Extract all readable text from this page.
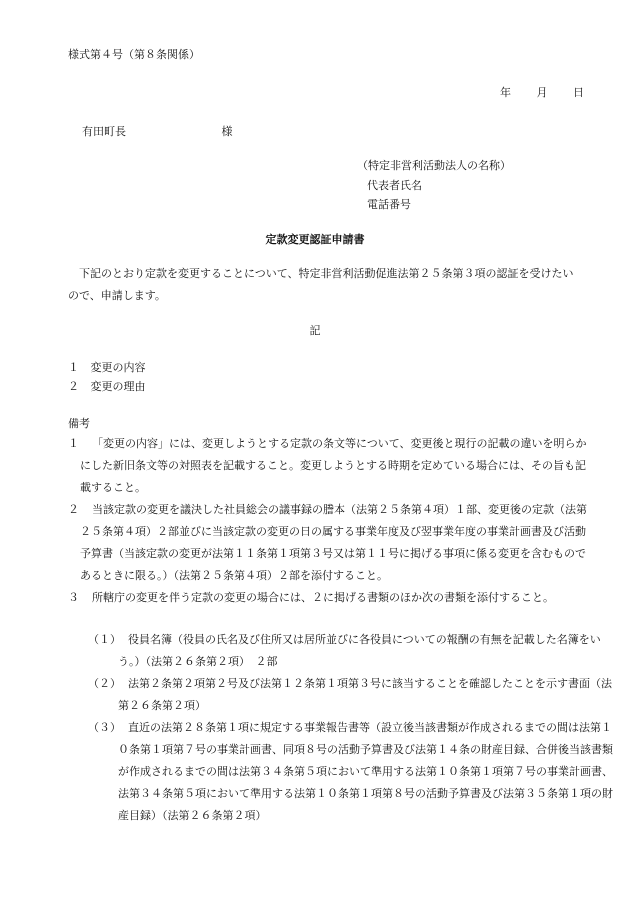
様式第４号（第８条関係）
年 月 日
有田町長	様
（特定非営利活動法人の名称）
代表者氏名
電話番号
定款変更認証申請書
下記のとおり定款を変更することについて、特定非営利活動促進法第２５条第３項の認証を受けたいので、申請します。
記
１ 変更の内容
２ 変更の理由
備考
１ 「変更の内容」には、変更しようとする定款の条文等について、変更後と現行の記載の違いを明らかにした新旧条文等の対照表を記載すること。変更しようとする時期を定めている場合には、その旨も記載すること。
２ 当該定款の変更を議決した社員総会の議事録の謄本（法第２５条第４項）１部、変更後の定款（法第２５条第４項）２部並びに当該定款の変更の日の属する事業年度及び翌事業年度の事業計画書及び活動予算書（当該定款の変更が法第１１条第１項第３号又は第１１号に掲げる事項に係る変更を含むものであるときに限る。）（法第２５条第４項）２部を添付すること。
３ 所轄庁の変更を伴う定款の変更の場合には、２に掲げる書類のほか次の書類を添付すること。
（１） 役員名簿（役員の氏名及び住所又は居所並びに各役員についての報酬の有無を記載した名簿をいう。）（法第２６条第２項）　２部
（２） 法第２条第２項第２号及び法第１２条第１項第３号に該当することを確認したことを示す書面（法第２６条第２項）
（３） 直近の法第２８条第１項に規定する事業報告書等（設立後当該書類が作成されるまでの間は法第１０条第１項第７号の事業計画書、同項８号の活動予算書及び法第１４条の財産目録、合併後当該書類が作成されるまでの間は法第３４条第５項において準用する法第１０条第１項第７号の事業計画書、法第３４条第５項において準用する法第１０条第１項第８号の活動予算書及び法第３５条第１項の財産目録）（法第２６条第２項）
